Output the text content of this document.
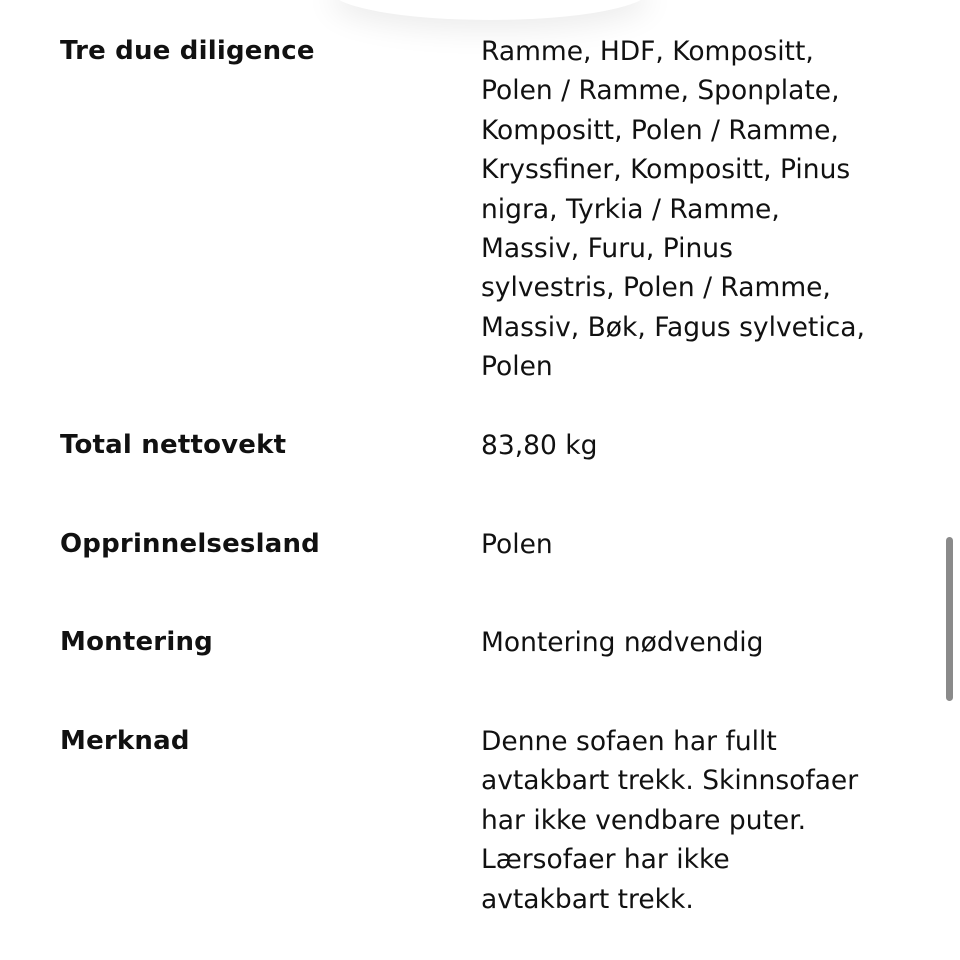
Tre due diligence	Ramme, HDF, Kompositt,
Polen / Ramme, Sponplate,
Kompositt, Polen / Ramme,
Kryssfiner, Kompositt, Pinus
nigra, Tyrkia / Ramme,
Massiv, Furu, Pinus
sylvestris, Polen / Ramme,
Massiv, Bøk, Fagus sylvetica,
Polen
Total nettovekt	83,80 kg
Opprinnelsesland	Polen
Montering	Montering nødvendig
Merknad	Denne sofaen har fullt
avtakbart trekk. Skinnsofaer
har ikke vendbare puter.
Lærsofaer har ikke
avtakbart trekk.
